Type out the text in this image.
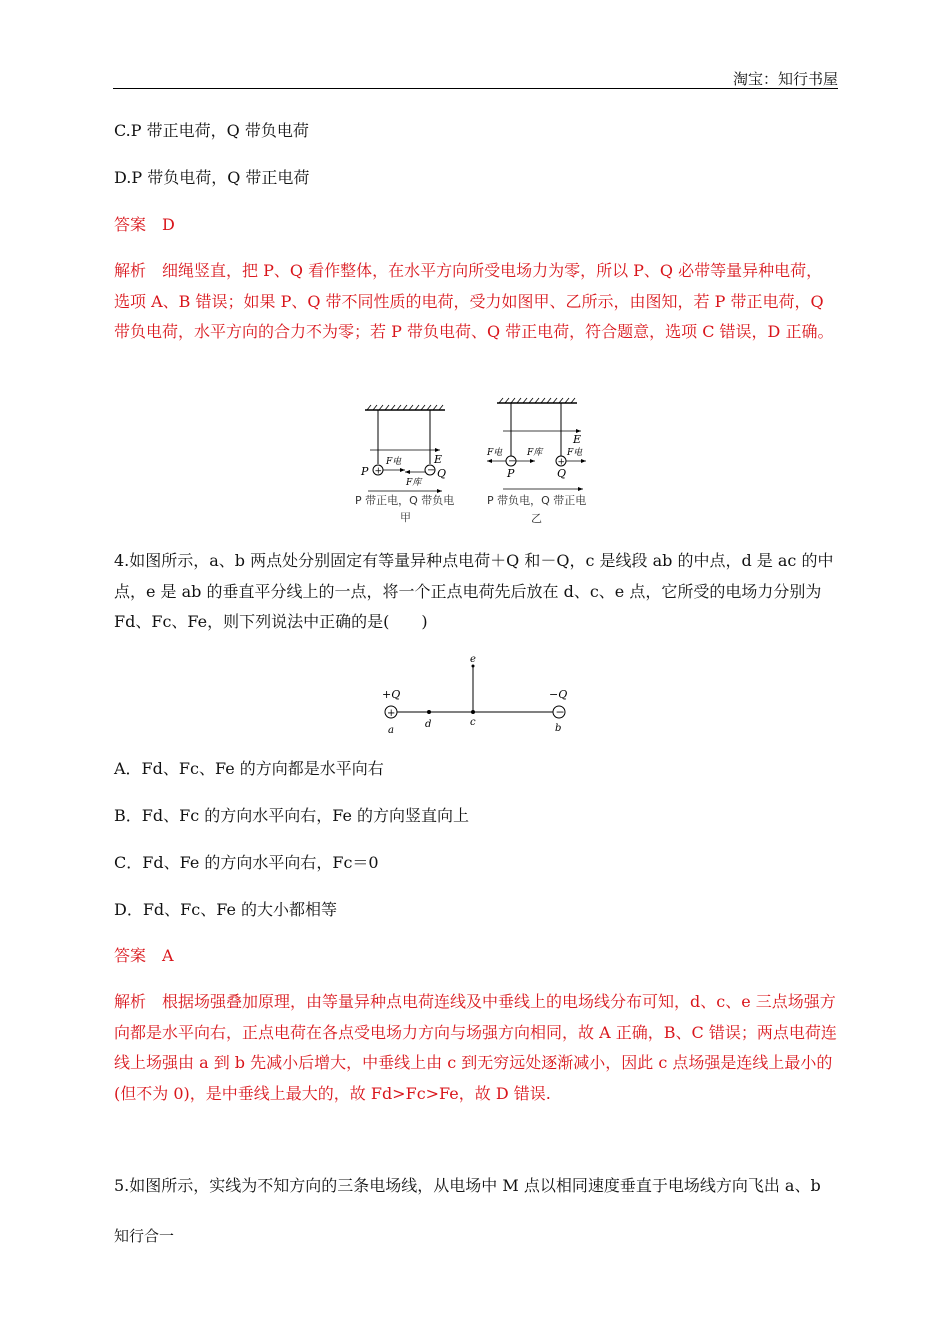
淘宝：知行书屋

C.P 带正电荷，Q 带负电荷

D.P 带负电荷，Q 带正电荷

答案 D

解析 细绳竖直，把 P、Q 看作整体，在水平方向所受电场力为零，所以 P、Q 必带等量异种电荷，选项 A、B 错误；如果 P、Q 带不同性质的电荷，受力如图甲、乙所示，由图知，若 P 带正电荷，Q 带负电荷，水平方向的合力不为零；若 P 带负电荷、Q 带正电荷，符合题意，选项 C 错误，D 正确。

E
+	−
P	Q
F电
F库
P 带正电，Q 带负电
甲
E
−	+
P	Q
F电	F库	F电
P 带负电，Q 带正电
乙

4.如图所示，a、b 两点处分别固定有等量异种点电荷＋Q 和－Q，c 是线段 ab 的中点，d 是 ac 的中点，e 是 ab 的垂直平分线上的一点，将一个正点电荷先后放在 d、c、e 点，它所受的电场力分别为 Fd、Fc、Fe，则下列说法中正确的是(　　)

+	−
+Q	−Q
e
d	c
a	b

A．Fd、Fc、Fe 的方向都是水平向右

B．Fd、Fc 的方向水平向右，Fe 的方向竖直向上

C．Fd、Fe 的方向水平向右，Fc＝0

D．Fd、Fc、Fe 的大小都相等

答案 A

解析 根据场强叠加原理，由等量异种点电荷连线及中垂线上的电场线分布可知，d、c、e 三点场强方向都是水平向右，正点电荷在各点受电场力方向与场强方向相同，故 A 正确，B、C 错误；两点电荷连线上场强由 a 到 b 先减小后增大，中垂线上由 c 到无穷远处逐渐减小，因此 c 点场强是连线上最小的(但不为 0)，是中垂线上最大的，故 Fd>Fc>Fe，故 D 错误.

5.如图所示，实线为不知方向的三条电场线，从电场中 M 点以相同速度垂直于电场线方向飞出 a、b

知行合一
